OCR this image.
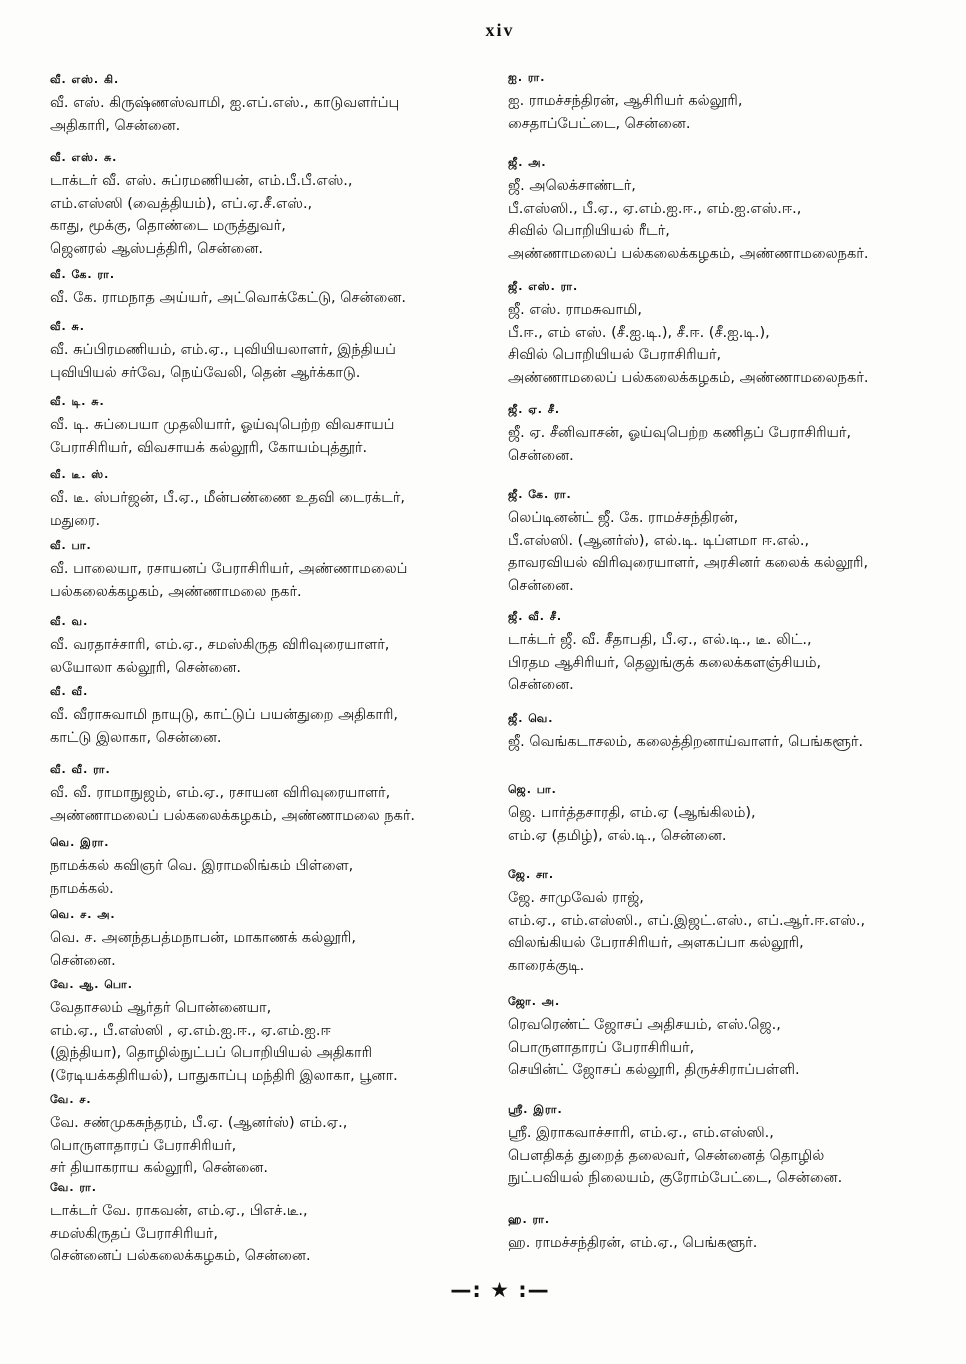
xiv
வீ. எஸ். கி.
வீ. எஸ். கிருஷ்ணஸ்வாமி, ஐ.எப்.எஸ்., காடுவளர்ப்பு
அதிகாரி, சென்னை.
வீ. எஸ். சு.
டாக்டர் வீ. எஸ். சுப்ரமணியன், எம்.பீ.பீ.எஸ்.,
எம்.எஸ்ஸி (வைத்தியம்), எப்.ஏ.சீ.எஸ்.,
காது, மூக்கு, தொண்டை மருத்துவர்,
ஜெனரல் ஆஸ்பத்திரி, சென்னை.
வீ. கே. ரா.
வீ. கே. ராமநாத அய்யர், அட்வொக்கேட்டு, சென்னை.
வீ. சு.
வீ. சுப்பிரமணியம், எம்.ஏ., புவியியலாளர், இந்தியப்
புவியியல் சர்வே, நெய்வேலி, தென் ஆர்க்காடு.
வீ. டி. சு.
வீ. டி. சுப்பையா முதலியார், ஓய்வுபெற்ற விவசாயப்
பேராசிரியர், விவசாயக் கல்லூரி, கோயம்புத்தூர்.
வீ. டீ. ஸ்.
வீ. டீ. ஸ்பர்ஜன், பீ.ஏ., மீன்பண்ணை உதவி டைரக்டர்,
மதுரை.
வீ. பா.
வீ. பாலையா, ரசாயனப் பேராசிரியர், அண்ணாமலைப்
பல்கலைக்கழகம், அண்ணாமலை நகர்.
வீ. வ.
வீ. வரதாச்சாரி, எம்.ஏ., சமஸ்கிருத விரிவுரையாளர்,
லயோலா கல்லூரி, சென்னை.
வீ. வீ.
வீ. வீராசுவாமி நாயுடு, காட்டுப் பயன்துறை அதிகாரி,
காட்டு இலாகா, சென்னை.
வீ. வீ. ரா.
வீ. வீ. ராமாநுஜம், எம்.ஏ., ரசாயன விரிவுரையாளர்,
அண்ணாமலைப் பல்கலைக்கழகம், அண்ணாமலை நகர்.
வெ. இரா.
நாமக்கல் கவிஞர் வெ. இராமலிங்கம் பிள்ளை,
நாமக்கல்.
வெ. ச. அ.
வெ. ச. அனந்தபத்மநாபன், மாகாணக் கல்லூரி,
சென்னை.
வே. ஆ. பொ.
வேதாசலம் ஆர்தர் பொன்னையா,
எம்.ஏ., பீ.எஸ்ஸி , ஏ.எம்.ஐ.ஈ., ஏ.எம்.ஐ.ஈ
(இந்தியா), தொழில்நுட்பப் பொறியியல் அதிகாரி
(ரேடியக்கதிரியல்), பாதுகாப்பு மந்திரி இலாகா, பூனா.
வே. ச.
வே. சண்முகசுந்தரம், பீ.ஏ. (ஆனர்ஸ்) எம்.ஏ.,
பொருளாதாரப் பேராசிரியர்,
சர் தியாகராய கல்லூரி, சென்னை.
வே. ரா.
டாக்டர் வே. ராகவன், எம்.ஏ., பிஎச்.டீ.,
சமஸ்கிருதப் பேராசிரியர்,
சென்னைப் பல்கலைக்கழகம், சென்னை.
ஐ. ரா.
ஐ. ராமச்சந்திரன், ஆசிரியர் கல்லூரி,
சைதாப்பேட்டை, சென்னை.
ஜீ. அ.
ஜீ. அலெக்சாண்டர்,
பீ.எஸ்ஸி., பீ.ஏ., ஏ.எம்.ஐ.ஈ., எம்.ஐ.எஸ்.ஈ.,
சிவில் பொறியியல் ரீடர்,
அண்ணாமலைப் பல்கலைக்கழகம், அண்ணாமலைநகர்.
ஜீ. எஸ். ரா.
ஜீ. எஸ். ராமசுவாமி,
பீ.ஈ., எம் எஸ். (சீ.ஐ.டி.), சீ.ஈ. (சீ.ஐ.டி.),
சிவில் பொறியியல் பேராசிரியர்,
அண்ணாமலைப் பல்கலைக்கழகம், அண்ணாமலைநகர்.
ஜீ. ஏ. சீ.
ஜீ. ஏ. சீனிவாசன், ஓய்வுபெற்ற கணிதப் பேராசிரியர்,
சென்னை.
ஜீ. கே. ரா.
லெப்டினன்ட் ஜீ. கே. ராமச்சந்திரன்,
பீ.எஸ்ஸி. (ஆனர்ஸ்), எல்.டி. டிப்ளமா ஈ.எல்.,
தாவரவியல் விரிவுரையாளர், அரசினர் கலைக் கல்லூரி,
சென்னை.
ஜீ. வீ. சீ.
டாக்டர் ஜீ. வீ. சீதாபதி, பீ.ஏ., எல்.டி., டீ. லிட்.,
பிரதம ஆசிரியர், தெலுங்குக் கலைக்களஞ்சியம்,
சென்னை.
ஜீ. வெ.
ஜீ. வெங்கடாசலம், கலைத்திறனாய்வாளர், பெங்களூர்.
ஜெ. பா.
ஜெ. பார்த்தசாரதி, எம்.ஏ (ஆங்கிலம்),
எம்.ஏ (தமிழ்), எல்.டி., சென்னை.
ஜே. சா.
ஜே. சாமுவேல் ராஜ்,
எம்.ஏ., எம்.எஸ்ஸி., எப்.இஜட்.எஸ்., எப்.ஆர்.ஈ.எஸ்.,
விலங்கியல் பேராசிரியர், அளகப்பா கல்லூரி,
காரைக்குடி.
ஜோ. அ.
ரெவரெண்ட் ஜோசப் அதிசயம், எஸ்.ஜெ.,
பொருளாதாரப் பேராசிரியர்,
செயின்ட் ஜோசப் கல்லூரி, திருச்சிராப்பள்ளி.
ஸ்ரீ. இரா.
ஸ்ரீ. இராகவாச்சாரி, எம்.ஏ., எம்.எஸ்ஸி.,
பௌதிகத் துறைத் தலைவர், சென்னைத் தொழில்
நுட்பவியல் நிலையம், குரோம்பேட்டை, சென்னை.
ஹ. ரா.
ஹ. ராமச்சந்திரன், எம்.ஏ., பெங்களூர்.
—: ★ :—
